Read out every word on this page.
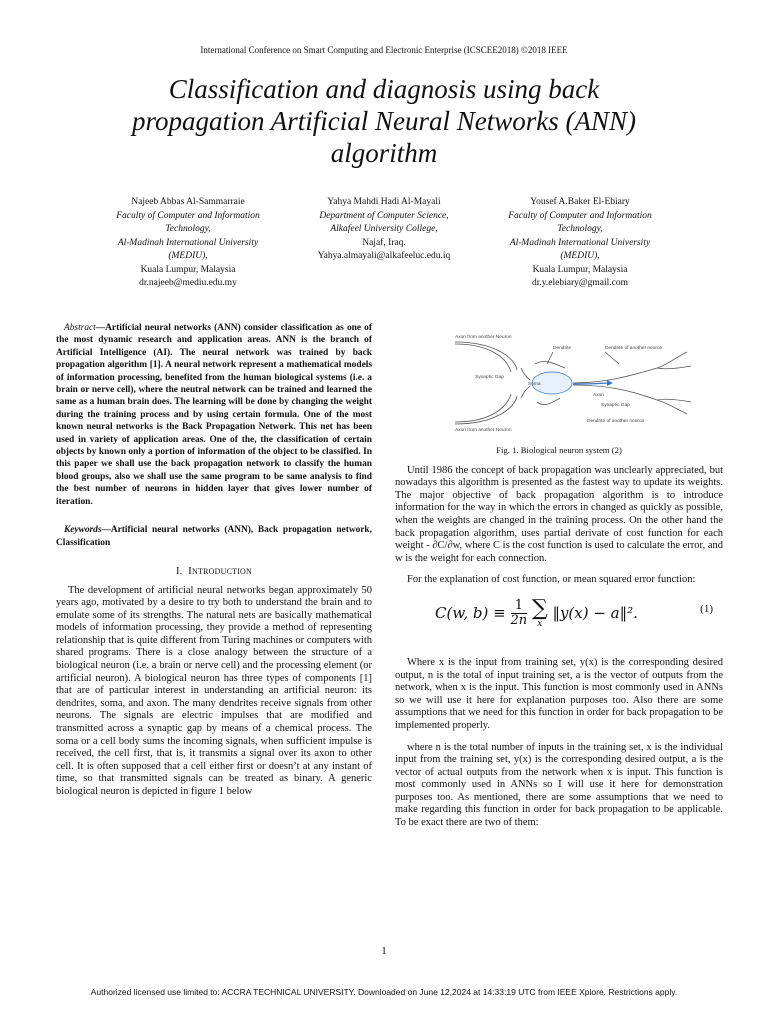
International Conference on Smart Computing and Electronic Enterprise (ICSCEE2018) ©2018 IEEE
Classification and diagnosis using back
propagation Artificial Neural Networks (ANN)
algorithm
Najeeb Abbas Al-Sammarraie
Faculty of Computer and Information
Technology,
Al-Madinah International University
(MEDIU),
Kuala Lumpur, Malaysia
dr.najeeb@mediu.edu.my
Yahya Mahdi Hadi Al-Mayali
Department of Computer Science,
Alkafeel University College,
Najaf, Iraq.
Yahya.almayali@alkafeeluc.edu.iq
Yousef A.Baker El-Ebiary
Faculty of Computer and Information
Technology,
Al-Madinah International University
(MEDIU),
Kuala Lumpur, Malaysia
dr.y.elebiary@gmail.com

Abstract—Artificial neural networks (ANN) consider classification as one of the most dynamic research and application areas. ANN is the branch of Artificial Intelligence (AI). The neural network was trained by back propagation algorithm [1]. A neural network represent a mathematical models of information processing, benefited from the human biological systems (i.e. a brain or nerve cell), where the neutral network can be trained and learned the same as a human brain does. The learning will be done by changing the weight during the training process and by using certain formula. One of the most known neural networks is the Back Propagation Network. This net has been used in variety of application areas. One of the, the classification of certain objects by known only a portion of information of the object to be classified. In this paper we shall use the back propagation network to classify the human blood groups, also we shall use the same program to be same analysis to find the best number of neurons in hidden layer that gives lower number of iteration.

Keywords—Artificial neural networks (ANN), Back propagation network, Classification

I. Introduction

The development of artificial neural networks began approximately 50 years ago, motivated by a desire to try both to understand the brain and to emulate some of its strengths. The natural nets are basically mathematical models of information processing, they provide a method of representing relationship that is quite different from Turing machines or computers with shared programs. There is a close analogy between the structure of a biological neuron (i.e. a brain or nerve cell) and the processing element (or artificial neuron). A biological neuron has three types of components [1] that are of particular interest in understanding an artificial neuron: its dendrites, soma, and axon. The many dendrites receive signals from other neurons. The signals are electric impulses that are modified and transmitted across a synaptic gap by means of a chemical process. The soma or a cell body sums the incoming signals, when sufficient impulse is received, the cell first, that is, it transmits a signal over its axon to other cell. It is often supposed that a cell either first or doesn’t at any instant of time, so that transmitted signals can be treated as binary. A generic biological neuron is depicted in figure 1 below

Axon from another Neuron
Dendrite	Dendrite of another neuron
Synaptic Gap
Soma
Axon
Synaptic Gap
Dendrite of another neuron
Axon from another Neuron
Fig. 1. Biological neuron system (2)

Until 1986 the concept of back propagation was unclearly appreciated, but nowadays this algorithm is presented as the fastest way to update its weights. The major objective of back propagation algorithm is to introduce information for the way in which the errors in changed as quickly as possible, when the weights are changed in the training process. On the other hand the back propagation algorithm, uses partial derivate of cost function for each weight - ∂C/∂w, where C is the cost function is used to calculate the error, and w is the weight for each connection.

For the explanation of cost function, or mean squared error function:

C(w, $b) \equiv \frac{1}{2n}$
∑
x
‖y(x) − a‖².	(1)

Where x is the input from training set, y(x) is the corresponding desired output, n is the total of input training set, a is the vector of outputs from the network, when x is the input. This function is most commonly used in ANNs so we will use it here for explanation purposes too. Also there are some assumptions that we need for this function in order for back propagation to be implemented properly.

where n is the total number of inputs in the training set, x is the individual input from the training set, y(x) is the corresponding desired output, a is the vector of actual outputs from the network when x is input. This function is most commonly used in ANNs so I will use it here for demonstration purposes too. As mentioned, there are some assumptions that we need to make regarding this function in order for back propagation to be applicable. To be exact there are two of them:

1
Authorized licensed use limited to: ACCRA TECHNICAL UNIVERSITY. Downloaded on June 12,2024 at 14:33:19 UTC from IEEE Xplore. Restrictions apply.
